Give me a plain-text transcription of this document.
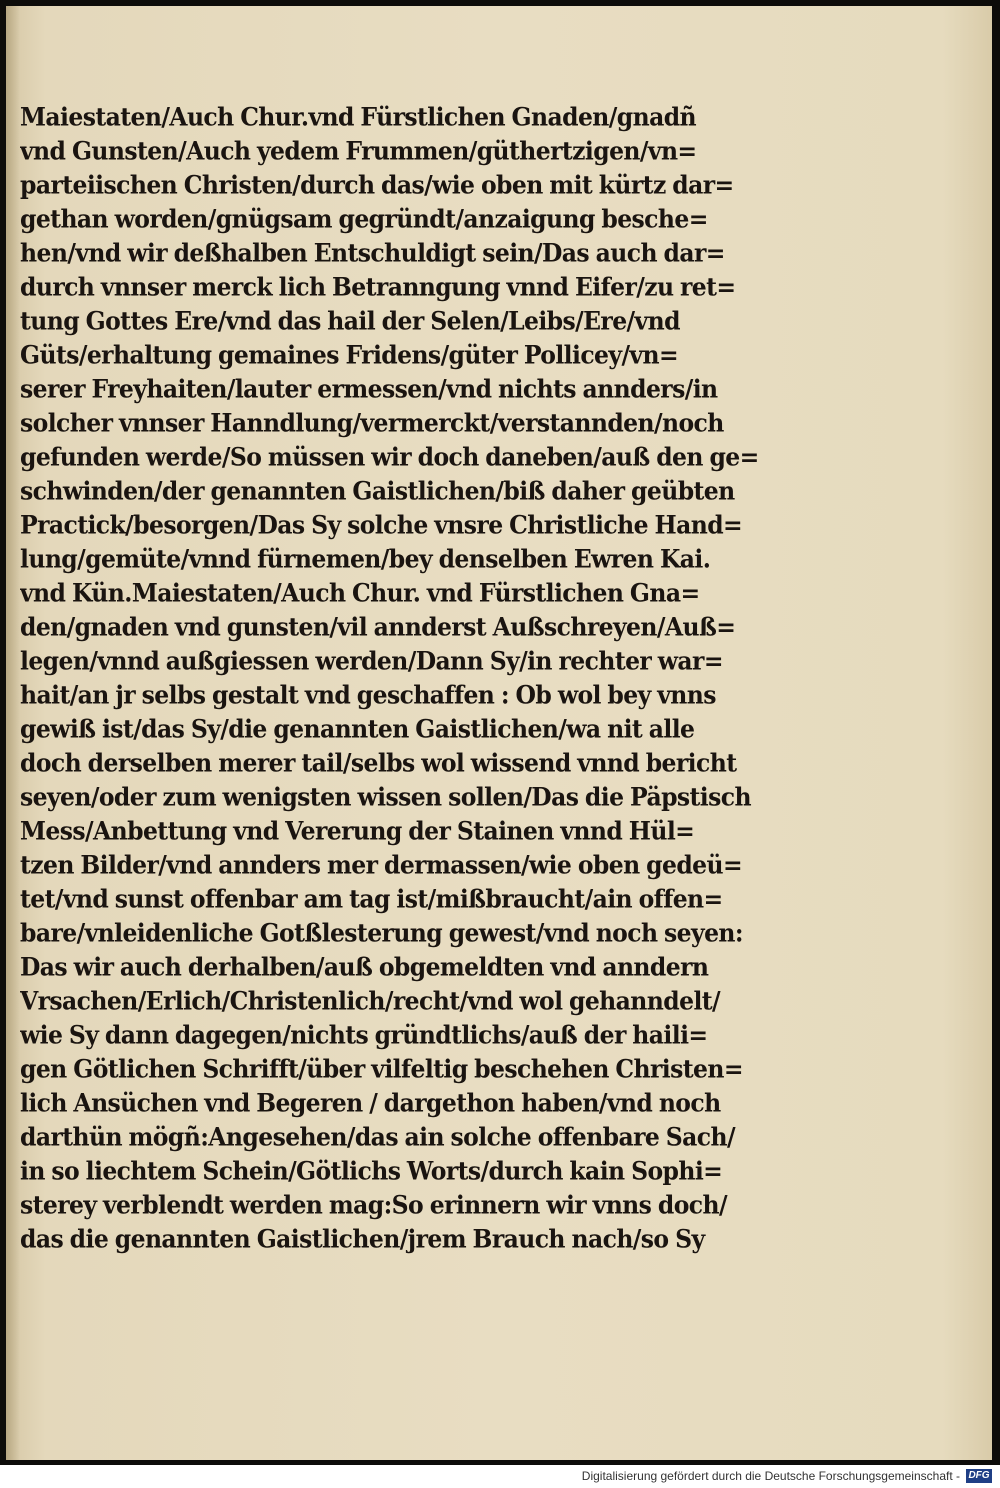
Maiestaten/Auch Chur.vnd Fürstlichen Gnaden/gnadñ
vnd Gunsten/Auch yedem Frummen/güthertzigen/vn=
parteiischen Christen/durch das/wie oben mit kürtz dar=
gethan worden/gnügsam gegründt/anzaigung besche=
hen/vnd wir deßhalben Entschuldigt sein/Das auch dar=
durch vnnser merck lich Betranngung vnnd Eifer/zu ret=
tung Gottes Ere/vnd das hail der Selen/Leibs/Ere/vnd
Güts/erhaltung gemaines Fridens/güter Pollicey/vn=
serer Freyhaiten/lauter ermessen/vnd nichts annders/in
solcher vnnser Hanndlung/vermerckt/verstannden/noch
gefunden werde/So müssen wir doch daneben/auß den ge=
schwinden/der genannten Gaistlichen/biß daher geübten
Practick/besorgen/Das Sy solche vnsre Christliche Hand=
lung/gemüte/vnnd fürnemen/bey denselben Ewren Kai.
vnd Kün.Maiestaten/Auch Chur. vnd Fürstlichen Gna=
den/gnaden vnd gunsten/vil annderst Außschreyen/Auß=
legen/vnnd außgiessen werden/Dann Sy/in rechter war=
hait/an jr selbs gestalt vnd geschaffen : Ob wol bey vnns
gewiß ist/das Sy/die genannten Gaistlichen/wa nit alle
doch derselben merer tail/selbs wol wissend vnnd bericht
seyen/oder zum wenigsten wissen sollen/Das die Päpstisch
Mess/Anbettung vnd Vererung der Stainen vnnd Hül=
tzen Bilder/vnd annders mer dermassen/wie oben gedeü=
tet/vnd sunst offenbar am tag ist/mißbraucht/ain offen=
bare/vnleidenliche Gotßlesterung gewest/vnd noch seyen:
Das wir auch derhalben/auß obgemeldten vnd anndern
Vrsachen/Erlich/Christenlich/recht/vnd wol gehanndelt/
wie Sy dann dagegen/nichts gründtlichs/auß der haili=
gen Götlichen Schrifft/über vilfeltig beschehen Christen=
lich Ansüchen vnd Begeren / dargethon haben/vnd noch
darthün mögñ:Angesehen/das ain solche offenbare Sach/
in so liechtem Schein/Götlichs Worts/durch kain Sophi=
sterey verblendt werden mag:So erinnern wir vnns doch/
das die genannten Gaistlichen/jrem Brauch nach/so Sy
Digitalisierung gefördert durch die Deutsche Forschungsgemeinschaft - DFG
